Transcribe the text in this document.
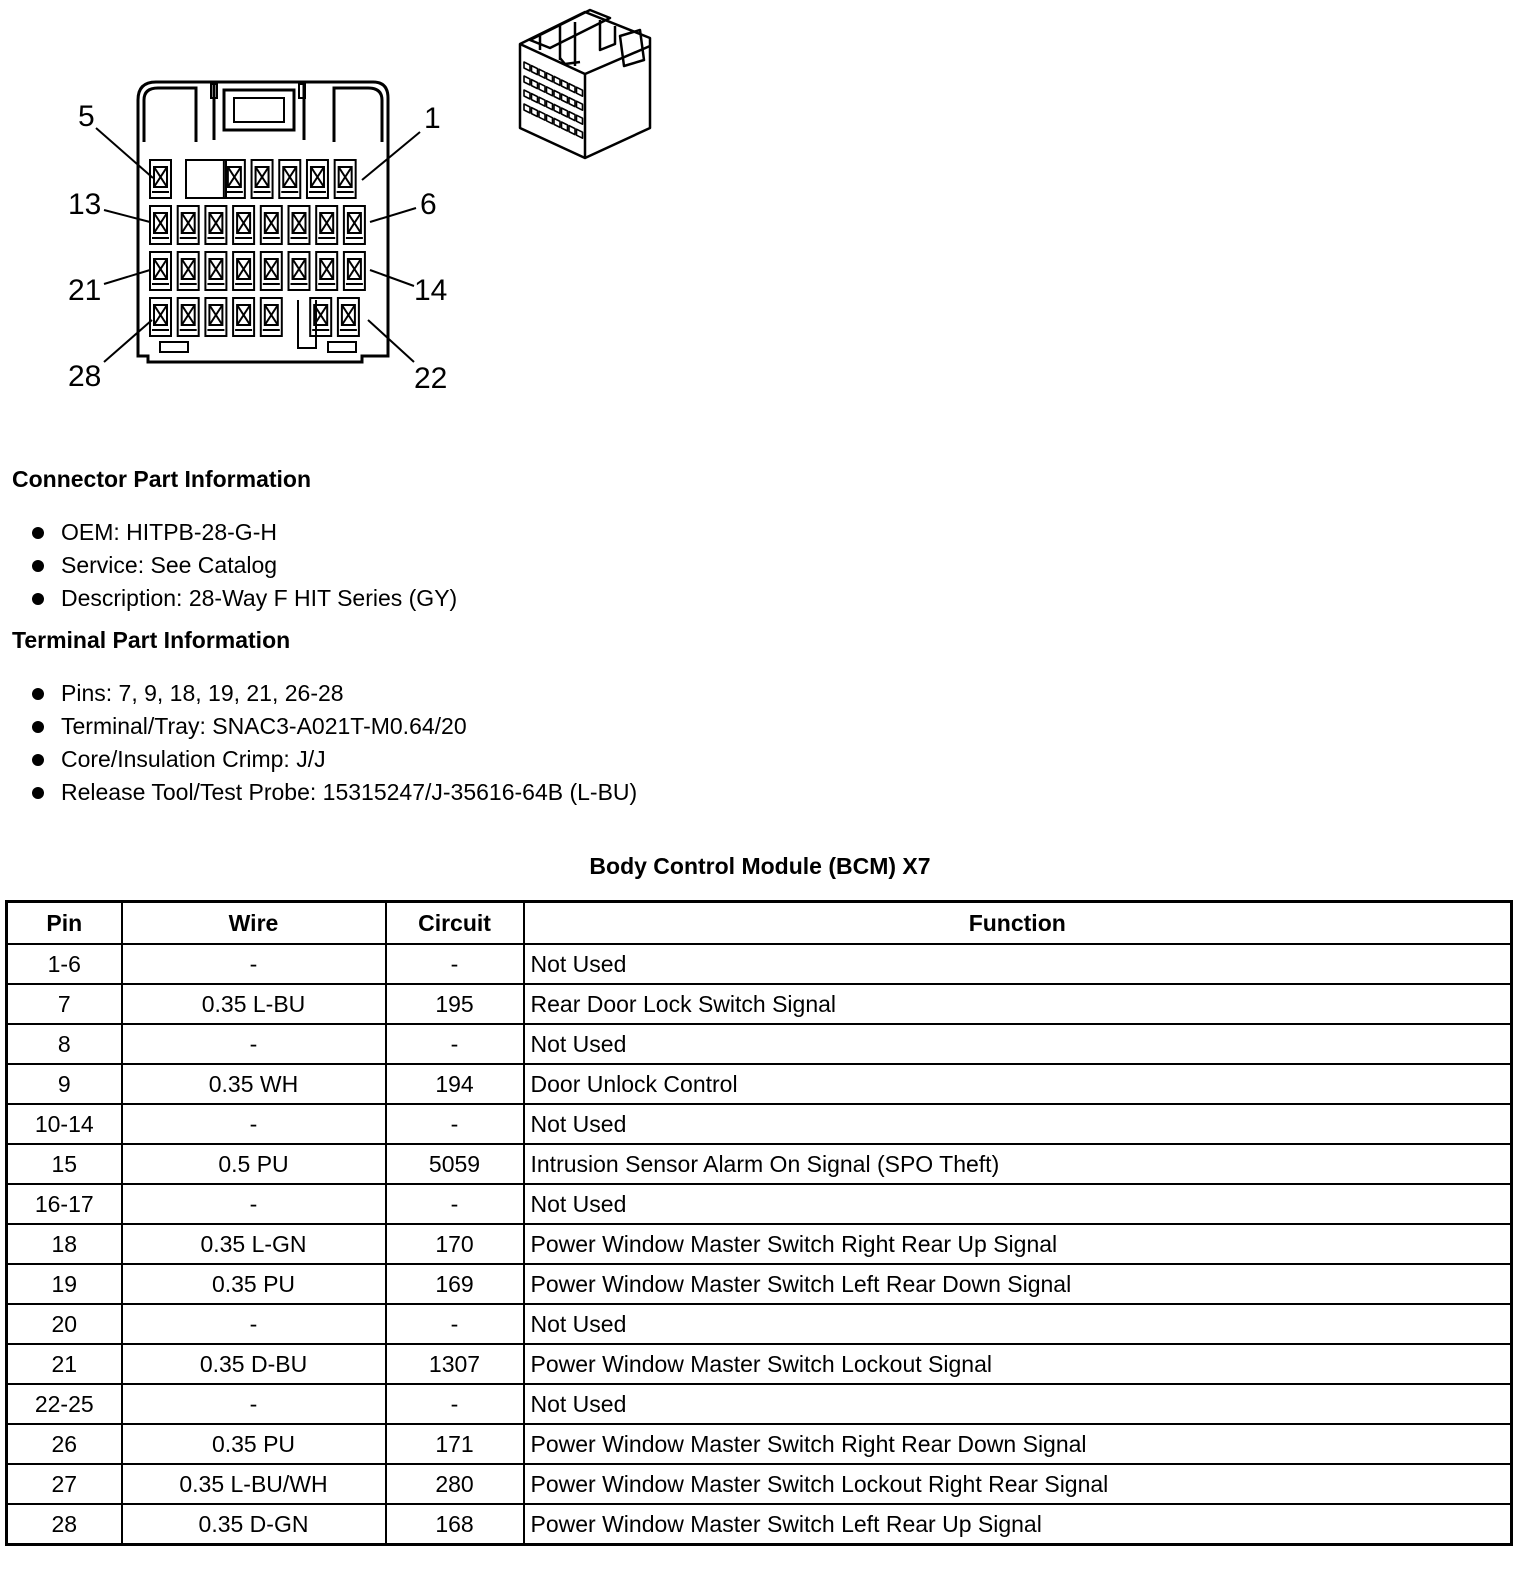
5	1
13	6
21	14
28	22
Connector Part Information
OEM: HITPB-28-G-H
Service: See Catalog
Description: 28-Way F HIT Series (GY)
Terminal Part Information
Pins: 7, 9, 18, 19, 21, 26-28
Terminal/Tray: SNAC3-A021T-M0.64/20
Core/Insulation Crimp: J/J
Release Tool/Test Probe: 15315247/J-35616-64B (L-BU)
Body Control Module (BCM) X7
Pin	Wire	Circuit	Function
1-6	-	-	Not Used
7	0.35 L-BU	195	Rear Door Lock Switch Signal
8	-	-	Not Used
9	0.35 WH	194	Door Unlock Control
10-14	-	-	Not Used
15	0.5 PU	5059	Intrusion Sensor Alarm On Signal (SPO Theft)
16-17	-	-	Not Used
18	0.35 L-GN	170	Power Window Master Switch Right Rear Up Signal
19	0.35 PU	169	Power Window Master Switch Left Rear Down Signal
20	-	-	Not Used
21	0.35 D-BU	1307	Power Window Master Switch Lockout Signal
22-25	-	-	Not Used
26	0.35 PU	171	Power Window Master Switch Right Rear Down Signal
27	0.35 L-BU/WH	280	Power Window Master Switch Lockout Right Rear Signal
28	0.35 D-GN	168	Power Window Master Switch Left Rear Up Signal
